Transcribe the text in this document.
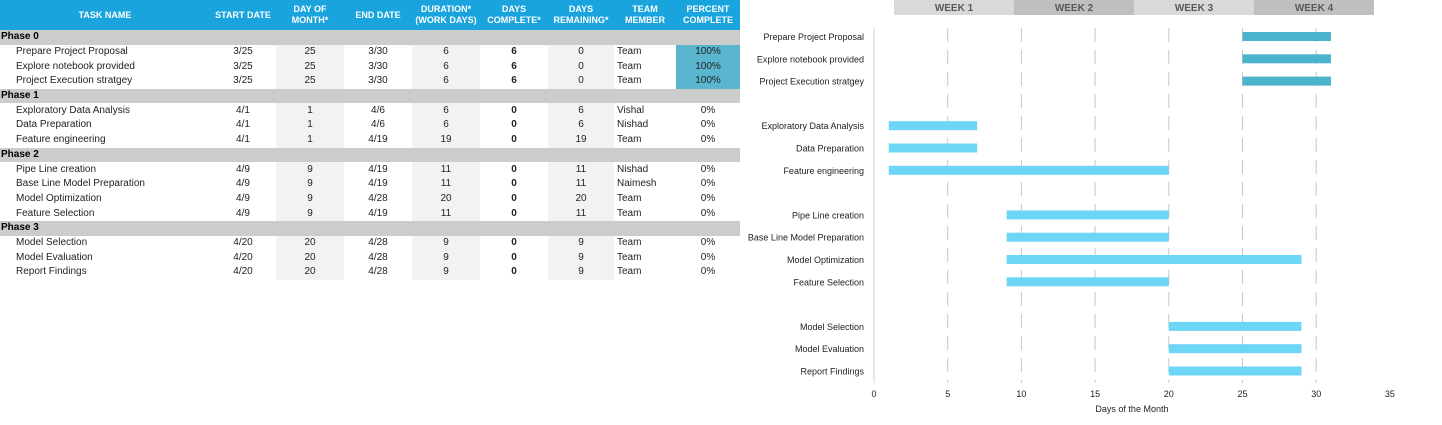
TASK NAME	START DATE	DAY OF MONTH*	END DATE	DURATION* (WORK DAYS)	DAYS COMPLETE*	DAYS REMAINING*	TEAM MEMBER	PERCENT COMPLETE
Phase 0								
Prepare Project Proposal	3/25	25	3/30	6	6	0	Team	100%
Explore notebook provided	3/25	25	3/30	6	6	0	Team	100%
Project Execution stratgey	3/25	25	3/30	6	6	0	Team	100%
Phase 1								
Exploratory Data Analysis	4/1	1	4/6	6	0	6	Vishal	0%
Data Preparation	4/1	1	4/6	6	0	6	Nishad	0%
Feature engineering	4/1	1	4/19	19	0	19	Team	0%
Phase 2								
Pipe Line creation	4/9	9	4/19	11	0	11	Nishad	0%
Base Line Model Preparation	4/9	9	4/19	11	0	11	Naimesh	0%
Model Optimization	4/9	9	4/28	20	0	20	Team	0%
Feature Selection	4/9	9	4/19	11	0	11	Team	0%
Phase 3								
Model Selection	4/20	20	4/28	9	0	9	Team	0%
Model Evaluation	4/20	20	4/28	9	0	9	Team	0%
Report Findings	4/20	20	4/28	9	0	9	Team	0%
WEEK 1	WEEK 2	WEEK 3	WEEK 4
Prepare Project Proposal
Explore notebook provided
Project Execution stratgey
Exploratory Data Analysis
Data Preparation
Feature engineering
Pipe Line creation
Base Line Model Preparation
Model Optimization
Feature Selection
Model Selection
Model Evaluation
Report Findings
0	5	10	15	20	25	30	35
Days of the Month
